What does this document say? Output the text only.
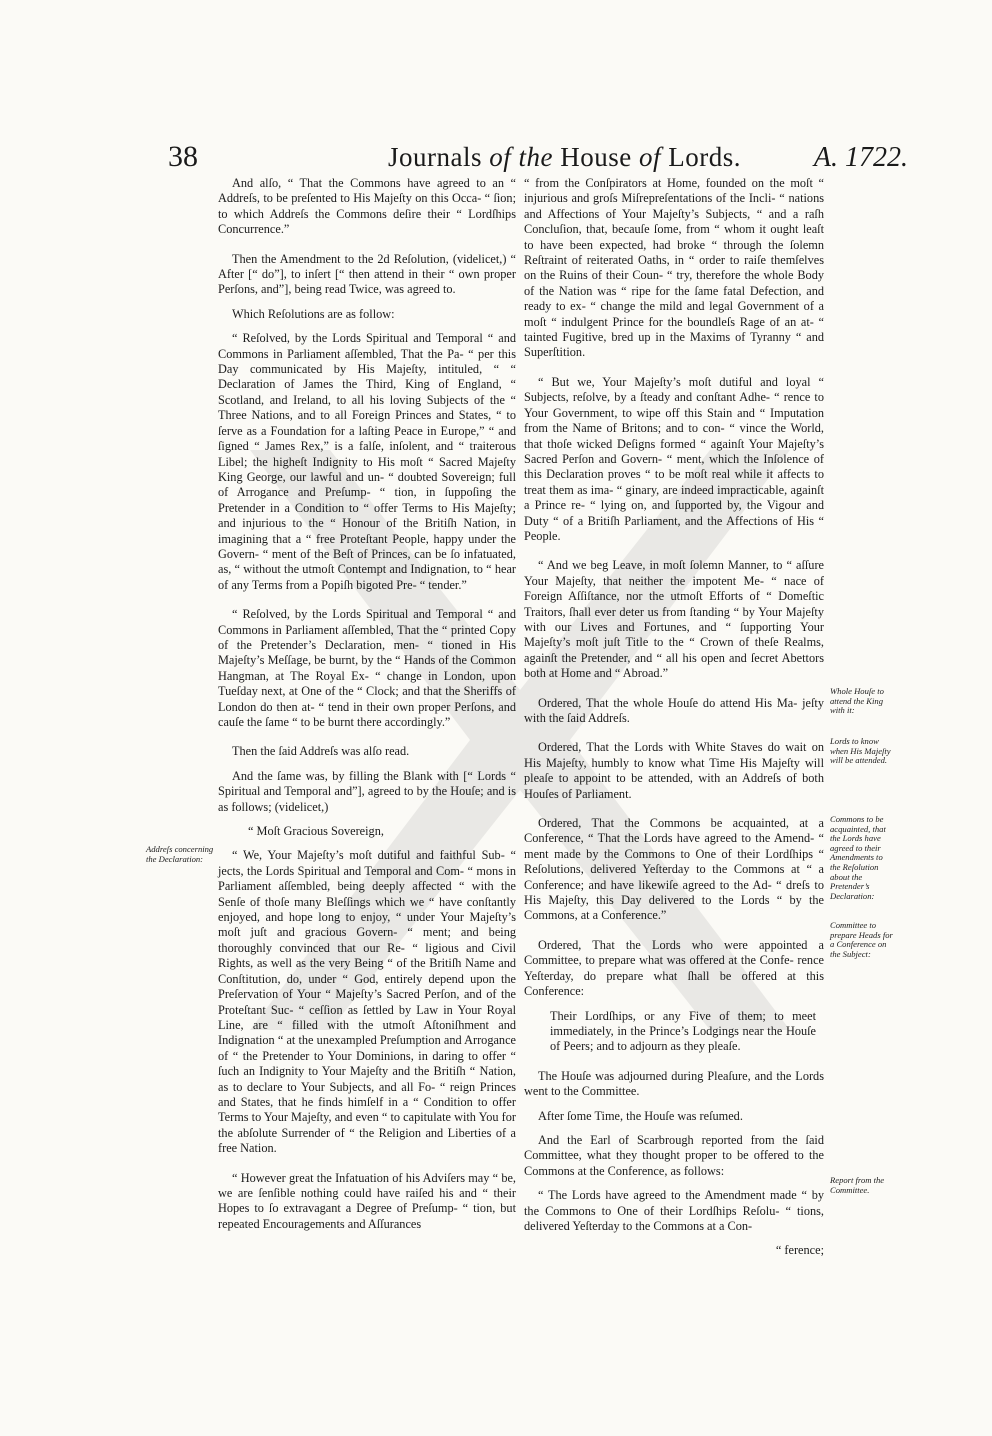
38	Journals of the House of Lords.	A. 1722.

And alſo, “ That the Commons have agreed to an “ Addreſs, to be preſented to His Majeſty on this Occa- “ ſion; to which Addreſs the Commons deſire their “ Lordſhips Concurrence.”

Then the Amendment to the 2d Reſolution, (videlicet,) “ After [“ do”], to inſert [“ then attend in their “ own proper Perſons, and”], being read Twice, was agreed to.

Which Reſolutions are as follow:

“ Reſolved, by the Lords Spiritual and Temporal “ and Commons in Parliament aſſembled, That the Pa- “ per this Day communicated by His Majeſty, intituled, “ “ Declaration of James the Third, King of England, “ Scotland, and Ireland, to all his loving Subjects of the “ Three Nations, and to all Foreign Princes and States, “ to ſerve as a Foundation for a laſting Peace in Europe,” “ and ſigned “ James Rex,” is a falſe, inſolent, and “ traiterous Libel; the higheſt Indignity to His moſt “ Sacred Majeſty King George, our lawful and un- “ doubted Sovereign; full of Arrogance and Preſump- “ tion, in ſuppoſing the Pretender in a Condition to “ offer Terms to His Majeſty; and injurious to the “ Honour of the Britiſh Nation, in imagining that a “ free Proteſtant People, happy under the Govern- “ ment of the Beſt of Princes, can be ſo infatuated, as, “ without the utmoſt Contempt and Indignation, to “ hear of any Terms from a Popiſh bigoted Pre- “ tender.”

“ Reſolved, by the Lords Spiritual and Temporal “ and Commons in Parliament aſſembled, That the “ printed Copy of the Pretender’s Declaration, men- “ tioned in His Majeſty’s Meſſage, be burnt, by the “ Hands of the Common Hangman, at The Royal Ex- “ change in London, upon Tueſday next, at One of the “ Clock; and that the Sheriffs of London do then at- “ tend in their own proper Perſons, and cauſe the ſame “ to be burnt there accordingly.”

Then the ſaid Addreſs was alſo read.

And the ſame was, by filling the Blank with [“ Lords “ Spiritual and Temporal and”], agreed to by the Houſe; and is as follows; (videlicet,)

“ Moſt Gracious Sovereign,

“ We, Your Majeſty’s moſt dutiful and faithful Sub- “ jects, the Lords Spiritual and Temporal and Com- “ mons in Parliament aſſembled, being deeply affected “ with the Senſe of thoſe many Bleſſings which we “ have conſtantly enjoyed, and hope long to enjoy, “ under Your Majeſty’s moſt juſt and gracious Govern- “ ment; and being thoroughly convinced that our Re- “ ligious and Civil Rights, as well as the very Being “ of the Britiſh Name and Conſtitution, do, under “ God, entirely depend upon the Preſervation of Your “ Majeſty’s Sacred Perſon, and of the Proteſtant Suc- “ ceſſion as ſettled by Law in Your Royal Line, are “ filled with the utmoſt Aſtoniſhment and Indignation “ at the unexampled Preſumption and Arrogance of “ the Pretender to Your Dominions, in daring to offer “ ſuch an Indignity to Your Majeſty and the Britiſh “ Nation, as to declare to Your Subjects, and all Fo- “ reign Princes and States, that he finds himſelf in a “ Condition to offer Terms to Your Majeſty, and even “ to capitulate with You for the abſolute Surrender of “ the Religion and Liberties of a free Nation.

“ However great the Infatuation of his Adviſers may “ be, we are ſenſible nothing could have raiſed his and “ their Hopes to ſo extravagant a Degree of Preſump- “ tion, but repeated Encouragements and Aſſurances

“ from the Conſpirators at Home, founded on the moſt “ injurious and groſs Miſrepreſentations of the Incli- “ nations and Affections of Your Majeſty’s Subjects, “ and a raſh Concluſion, that, becauſe ſome, from “ whom it ought leaſt to have been expected, had broke “ through the ſolemn Reſtraint of reiterated Oaths, in “ order to raiſe themſelves on the Ruins of their Coun- “ try, therefore the whole Body of the Nation was “ ripe for the ſame fatal Defection, and ready to ex- “ change the mild and legal Government of a moſt “ indulgent Prince for the boundleſs Rage of an at- “ tainted Fugitive, bred up in the Maxims of Tyranny “ and Superſtition.

“ But we, Your Majeſty’s moſt dutiful and loyal “ Subjects, reſolve, by a ſteady and conſtant Adhe- “ rence to Your Government, to wipe off this Stain and “ Imputation from the Name of Britons; and to con- “ vince the World, that thoſe wicked Deſigns formed “ againſt Your Majeſty’s Sacred Perſon and Govern- “ ment, which the Inſolence of this Declaration proves “ to be moſt real while it affects to treat them as ima- “ ginary, are indeed impracticable, againſt a Prince re- “ lying on, and ſupported by, the Vigour and Duty “ of a Britiſh Parliament, and the Affections of His “ People.

“ And we beg Leave, in moſt ſolemn Manner, to “ aſſure Your Majeſty, that neither the impotent Me- “ nace of Foreign Aſſiſtance, nor the utmoſt Efforts of “ Domeſtic Traitors, ſhall ever deter us from ſtanding “ by Your Majeſty with our Lives and Fortunes, and “ ſupporting Your Majeſty’s moſt juſt Title to the “ Crown of theſe Realms, againſt the Pretender, and “ all his open and ſecret Abettors both at Home and “ Abroad.”

Ordered, That the whole Houſe do attend His Ma- jeſty with the ſaid Addreſs.

Ordered, That the Lords with White Staves do wait on His Majeſty, humbly to know what Time His Majeſty will pleaſe to appoint to be attended, with an Addreſs of both Houſes of Parliament.

Ordered, That the Commons be acquainted, at a Conference, “ That the Lords have agreed to the Amend- “ ment made by the Commons to One of their Lordſhips “ Reſolutions, delivered Yeſterday to the Commons at “ a Conference; and have likewiſe agreed to the Ad- “ dreſs to His Majeſty, this Day delivered to the Lords “ by the Commons, at a Conference.”

Ordered, That the Lords who were appointed a Committee, to prepare what was offered at the Confe- rence Yeſterday, do prepare what ſhall be offered at this Conference:

Their Lordſhips, or any Five of them; to meet immediately, in the Prince’s Lodgings near the Houſe of Peers; and to adjourn as they pleaſe.

The Houſe was adjourned during Pleaſure, and the Lords went to the Committee.

After ſome Time, the Houſe was reſumed.

And the Earl of Scarbrough reported from the ſaid Committee, what they thought proper to be offered to the Commons at the Conference, as follows:

“ The Lords have agreed to the Amendment made “ by the Commons to One of their Lordſhips Reſolu- “ tions, delivered Yeſterday to the Commons at a Con-

“ ference;

Addreſs concerning the Declaration:
Whole Houſe to attend the King with it:
Lords to know when His Majeſty will be attended.
Commons to be acquainted, that the Lords have agreed to their Amendments to the Reſolution about the Pretender’s Declaration:
Committee to prepare Heads for a Conference on the Subject:
Report from the Committee.
